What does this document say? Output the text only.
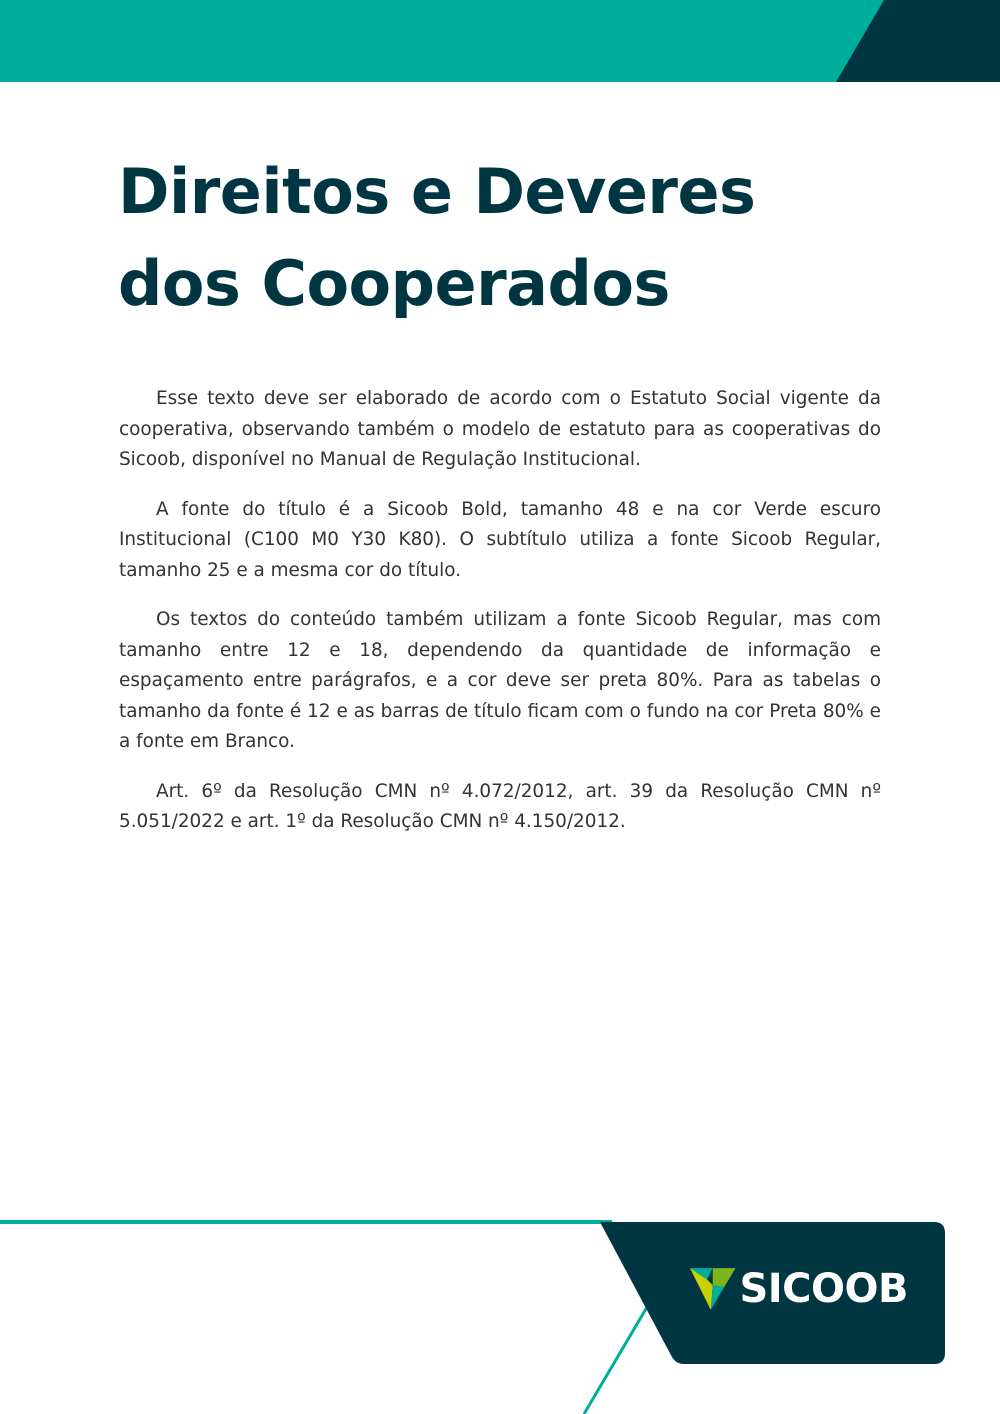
Direitos e Deveres
dos Cooperados

Esse texto deve ser elaborado de acordo com o Estatuto Social vigente da cooperativa, observando também o modelo de estatuto para as cooperativas do Sicoob, disponível no Manual de Regulação Institucional.

A fonte do título é a Sicoob Bold, tamanho 48 e na cor Verde escuro Institucional (C100 M0 Y30 K80). O subtítulo utiliza a fonte Sicoob Regular, tamanho 25 e a mesma cor do título.

Os textos do conteúdo também utilizam a fonte Sicoob Regular, mas com tamanho entre 12 e 18, dependendo da quantidade de informação e espaçamento entre parágrafos, e a cor deve ser preta 80%. Para as tabelas o tamanho da fonte é 12 e as barras de título ficam com o fundo na cor Preta 80% e a fonte em Branco.

Art. 6º da Resolução CMN nº 4.072/2012, art. 39 da Resolução CMN nº 5.051/2022 e art. 1º da Resolução CMN nº 4.150/2012.

SICOOB
